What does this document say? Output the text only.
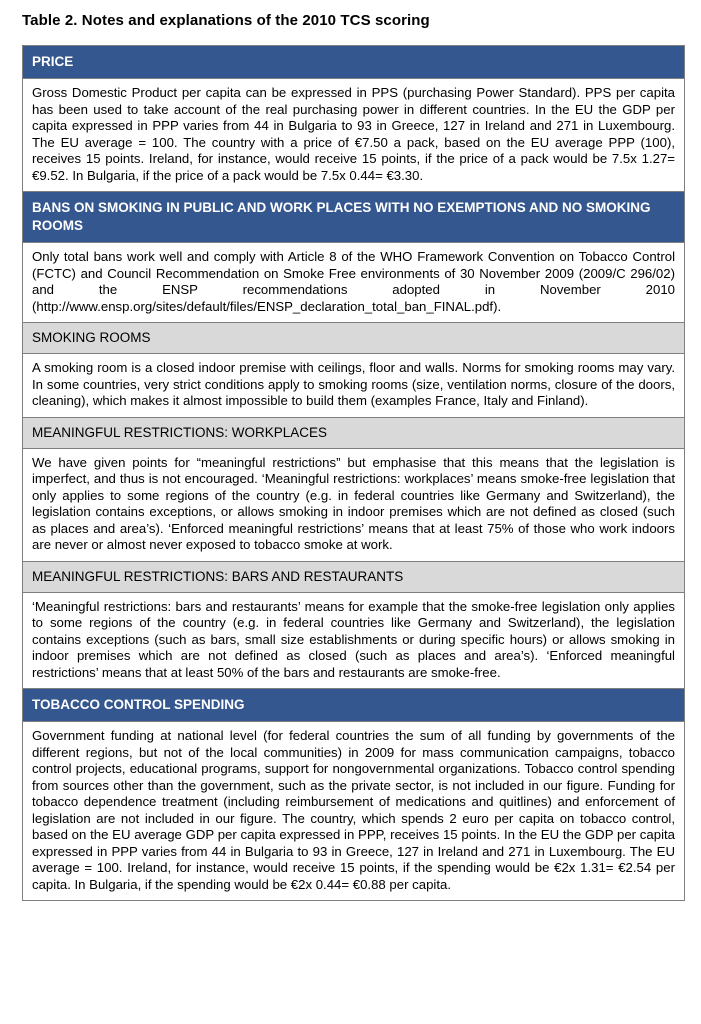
Table 2. Notes and explanations of the 2010 TCS scoring
PRICE
Gross Domestic Product per capita can be expressed in PPS (purchasing Power Standard). PPS per capita has been used to take account of the real purchasing power in different countries. In the EU the GDP per capita expressed in PPP varies from 44 in Bulgaria to 93 in Greece, 127 in Ireland and 271 in Luxembourg. The EU average = 100. The country with a price of €7.50 a pack, based on the EU average PPP (100), receives 15 points. Ireland, for instance, would receive 15 points, if the price of a pack would be 7.5x 1.27= €9.52. In Bulgaria, if the price of a pack would be 7.5x 0.44= €3.30.
BANS ON SMOKING IN PUBLIC AND WORK PLACES WITH NO EXEMPTIONS AND NO SMOKING ROOMS
Only total bans work well and comply with Article 8 of the WHO Framework Convention on Tobacco Control (FCTC) and Council Recommendation on Smoke Free environments of 30 November 2009 (2009/C 296/02) and the ENSP recommendations adopted in November 2010 (http://www.ensp.org/sites/default/files/ENSP_declaration_total_ban_FINAL.pdf).
SMOKING ROOMS
A smoking room is a closed indoor premise with ceilings, floor and walls. Norms for smoking rooms may vary. In some countries, very strict conditions apply to smoking rooms (size, ventilation norms, closure of the doors, cleaning), which makes it almost impossible to build them (examples France, Italy and Finland).
MEANINGFUL RESTRICTIONS: WORKPLACES
We have given points for “meaningful restrictions” but emphasise that this means that the legislation is imperfect, and thus is not encouraged. ‘Meaningful restrictions: workplaces’ means smoke-free legislation that only applies to some regions of the country (e.g. in federal countries like Germany and Switzerland), the legislation contains exceptions, or allows smoking in indoor premises which are not defined as closed (such as places and area’s). ‘Enforced meaningful restrictions’ means that at least 75% of those who work indoors are never or almost never exposed to tobacco smoke at work.
MEANINGFUL RESTRICTIONS: BARS AND RESTAURANTS
‘Meaningful restrictions: bars and restaurants’ means for example that the smoke-free legislation only applies to some regions of the country (e.g. in federal countries like Germany and Switzerland), the legislation contains exceptions (such as bars, small size establishments or during specific hours) or allows smoking in indoor premises which are not defined as closed (such as places and area’s). ‘Enforced meaningful restrictions’ means that at least 50% of the bars and restaurants are smoke-free.
TOBACCO CONTROL SPENDING
Government funding at national level (for federal countries the sum of all funding by governments of the different regions, but not of the local communities) in 2009 for mass communication campaigns, tobacco control projects, educational programs, support for nongovernmental organizations. Tobacco control spending from sources other than the government, such as the private sector, is not included in our figure. Funding for tobacco dependence treatment (including reimbursement of medications and quitlines) and enforcement of legislation are not included in our figure. The country, which spends 2 euro per capita on tobacco control, based on the EU average GDP per capita expressed in PPP, receives 15 points. In the EU the GDP per capita expressed in PPP varies from 44 in Bulgaria to 93 in Greece, 127 in Ireland and 271 in Luxembourg. The EU average = 100. Ireland, for instance, would receive 15 points, if the spending would be €2x 1.31= €2.54 per capita. In Bulgaria, if the spending would be €2x 0.44= €0.88 per capita.
